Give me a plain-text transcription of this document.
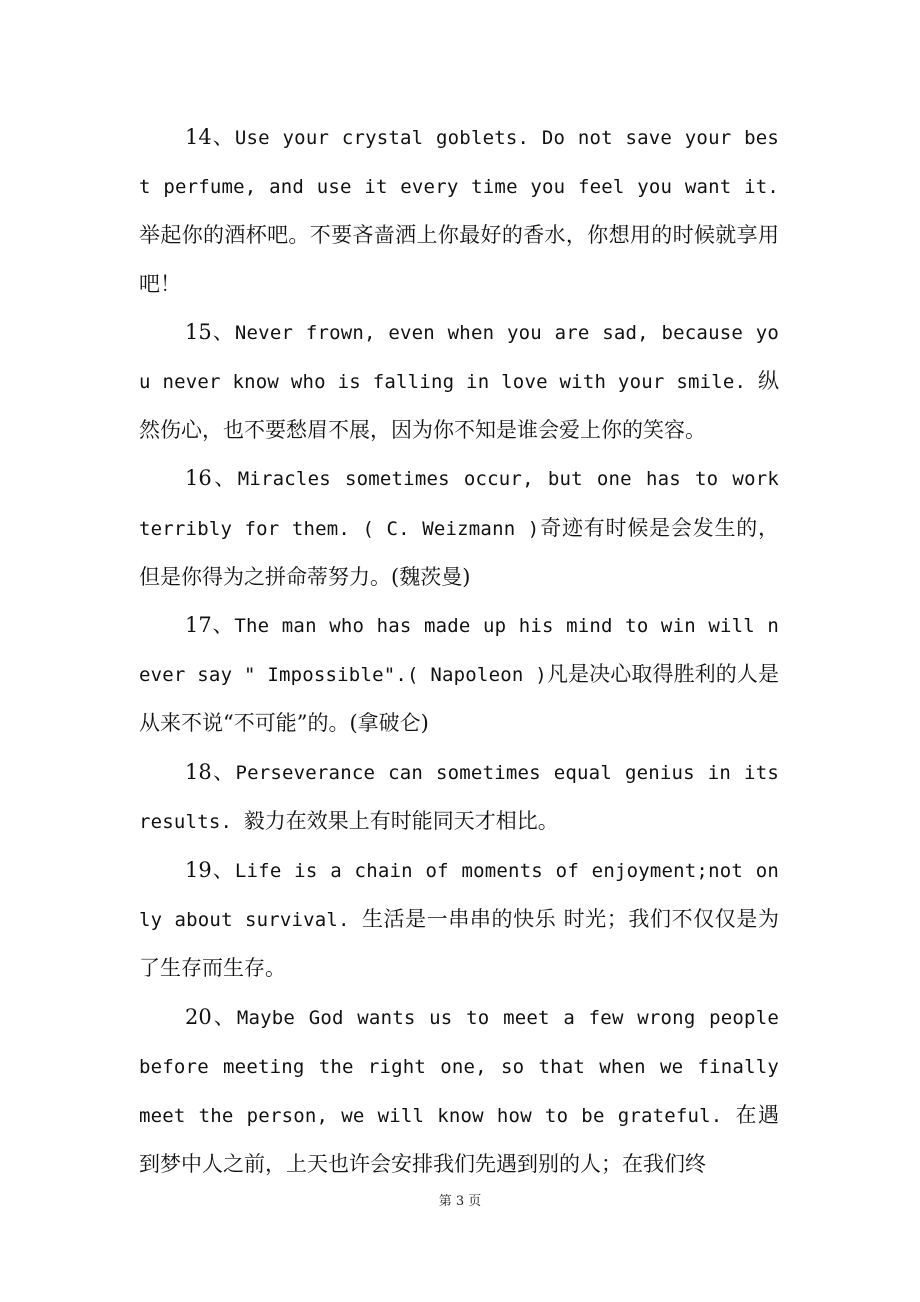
14、Use your crystal goblets. Do not save your best perfume, and use it every time you feel you want it. 举起你的酒杯吧。不要吝啬洒上你最好的香水，你想用的时候就享用吧！

15、Never frown, even when you are sad, because you never know who is falling in love with your smile. 纵然伤心，也不要愁眉不展，因为你不知是谁会爱上你的笑容。

16、Miracles sometimes occur, but one has to work terribly for them. ( C. Weizmann )奇迹有时候是会发生的，但是你得为之拼命蒂努力。(魏茨曼)

17、The man who has made up his mind to win will never say " Impossible".( Napoleon )凡是决心取得胜利的人是从来不说“不可能”的。(拿破仑)

18、Perseverance can sometimes equal genius in its results. 毅力在效果上有时能同天才相比。

19、Life is a chain of moments of enjoyment;not only about survival. 生活是一串串的快乐 时光；我们不仅仅是为了生存而生存。

20、Maybe God wants us to meet a few wrong people before meeting the right one, so that when we finally meet the person, we will know how to be grateful. 在遇到梦中人之前，上天也许会安排我们先遇到别的人；在我们终

第 3 页
